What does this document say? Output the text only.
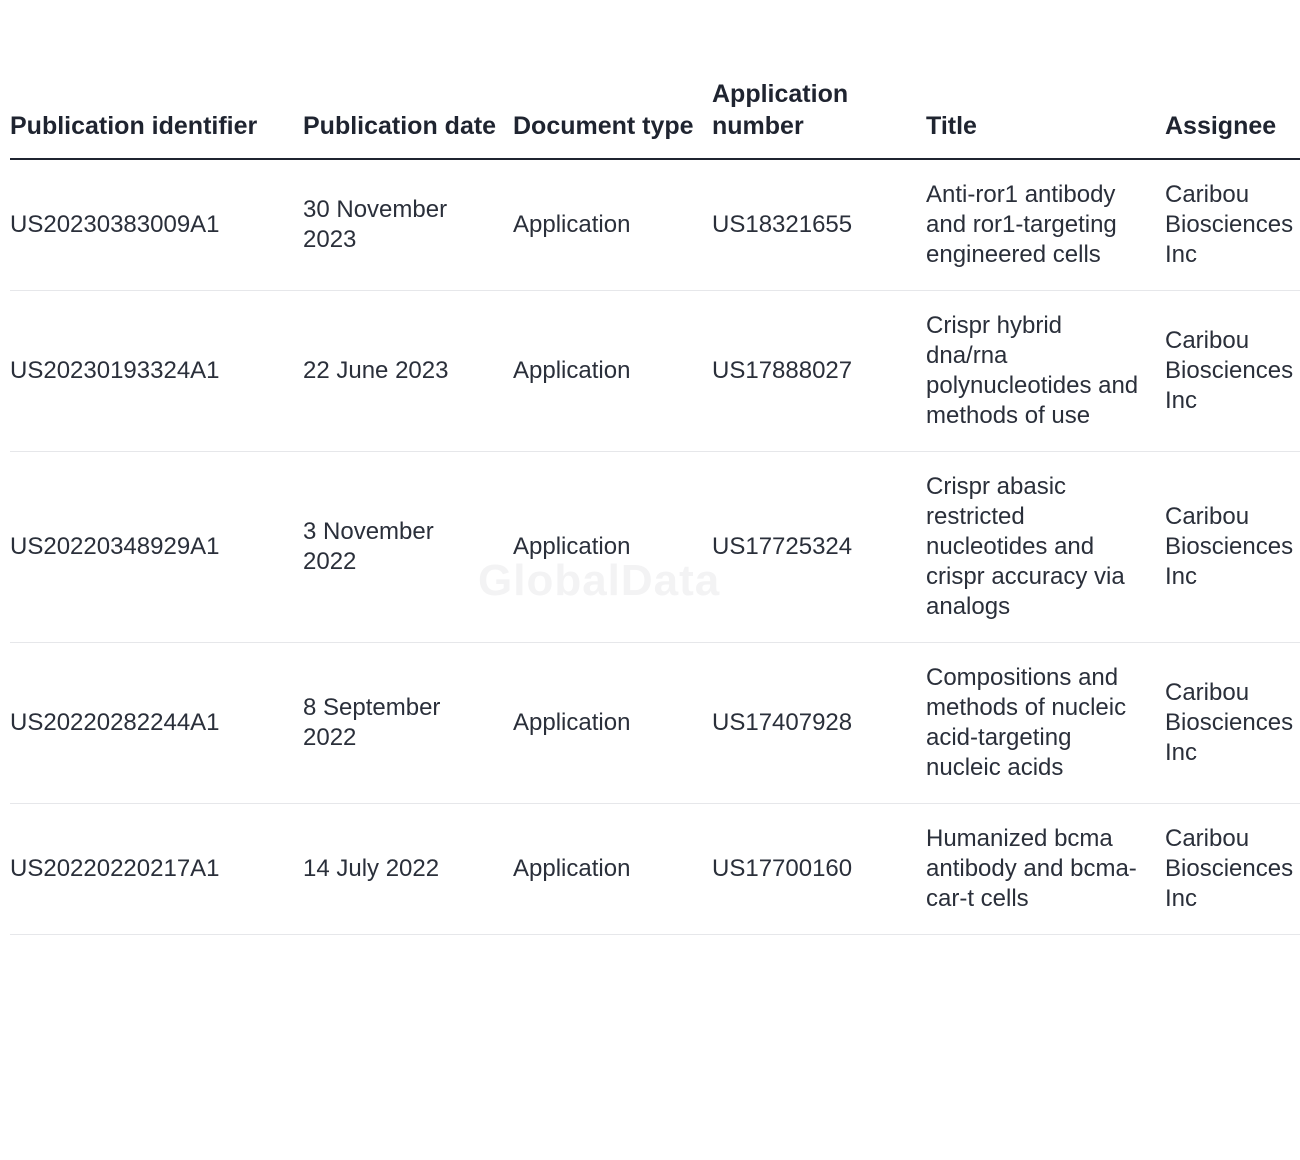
GlobalData
Publication identifier	Publication date	Document type	Application number	Title	Assignee
US20230383009A1	30 November 2023	Application	US18321655	Anti-ror1 antibody and ror1-targeting engineered cells	Caribou Biosciences Inc
US20230193324A1	22 June 2023	Application	US17888027	Crispr hybrid dna/rna polynucleotides and methods of use	Caribou Biosciences Inc
US20220348929A1	3 November 2022	Application	US17725324	Crispr abasic restricted nucleotides and crispr accuracy via analogs	Caribou Biosciences Inc
US20220282244A1	8 September 2022	Application	US17407928	Compositions and methods of nucleic acid-targeting nucleic acids	Caribou Biosciences Inc
US20220220217A1	14 July 2022	Application	US17700160	Humanized bcma antibody and bcma-car-t cells	Caribou Biosciences Inc
